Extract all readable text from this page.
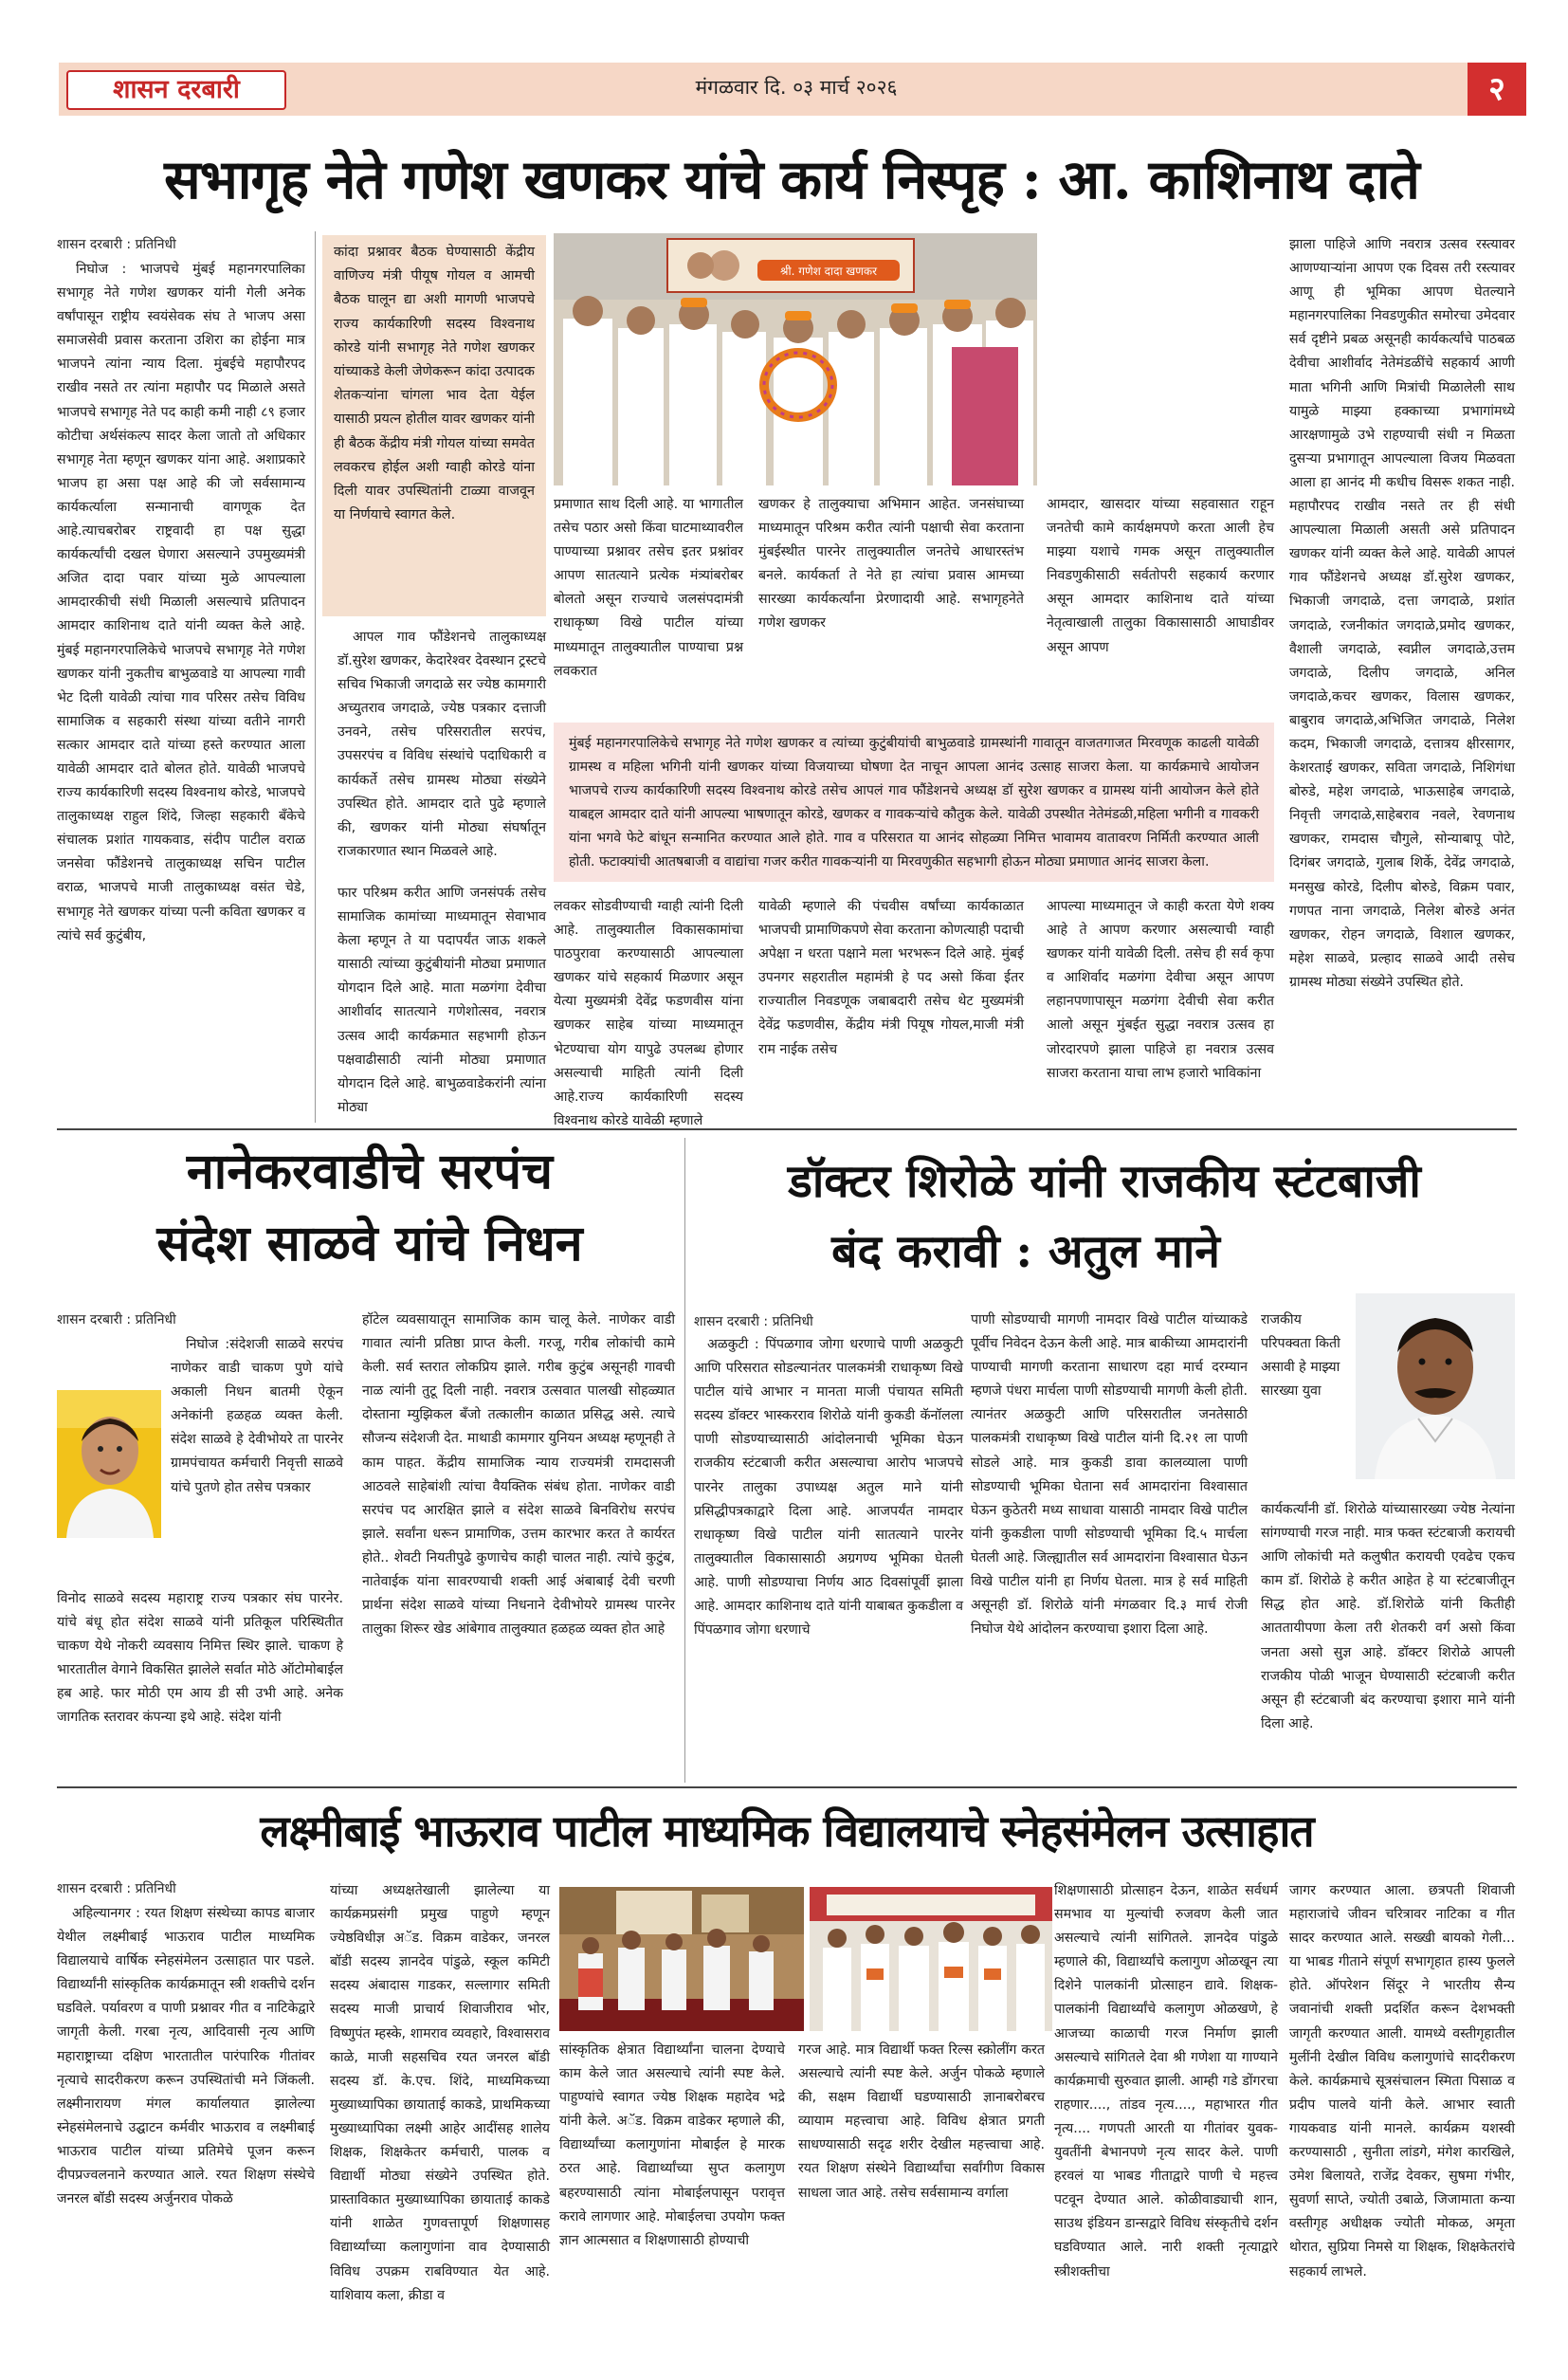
शासन दरबारी	मंगळवार दि. ०३ मार्च २०२६	२
सभागृह नेते गणेश खणकर यांचे कार्य निस्पृह : आ. काशिनाथ दाते
शासन दरबारी : प्रतिनिधी
निघोज : भाजपचे मुंबई महानगरपालिका सभागृह नेते गणेश खणकर यांनी गेली अनेक वर्षांपासून राष्ट्रीय स्वयंसेवक संघ ते भाजप असा समाजसेवी प्रवास करताना उशिरा का होईना मात्र भाजपने त्यांना न्याय दिला. मुंबईचे महापौरपद राखीव नसते तर त्यांना महापौर पद मिळाले असते भाजपचे सभागृह नेते पद काही कमी नाही ८९ हजार कोटीचा अर्थसंकल्प सादर केला जातो तो अधिकार सभागृह नेता म्हणून खणकर यांना आहे. अशाप्रकारे भाजप हा असा पक्ष आहे की जो सर्वसामान्य कार्यकर्त्याला सन्मानाची वागणूक देत आहे.त्याचबरोबर राष्ट्रवादी हा पक्ष सुद्धा कार्यकर्त्यांची दखल घेणारा असल्याने उपमुख्यमंत्री अजित दादा पवार यांच्या मुळे आपल्याला आमदारकीची संधी मिळाली असल्याचे प्रतिपादन आमदार काशिनाथ दाते यांनी व्यक्त केले आहे. मुंबई महानगरपालिकेचे भाजपचे सभागृह नेते गणेश खणकर यांनी नुकतीच बाभुळवाडे या आपल्या गावी भेट दिली यावेळी त्यांचा गाव परिसर तसेच विविध सामाजिक व सहकारी संस्था यांच्या वतीने नागरी सत्कार आमदार दाते यांच्या हस्ते करण्यात आला यावेळी आमदार दाते बोलत होते. यावेळी भाजपचे राज्य कार्यकारिणी सदस्य विश्वनाथ कोरडे, भाजपचे तालुकाध्यक्ष राहुल शिंदे, जिल्हा सहकारी बँकेचे संचालक प्रशांत गायकवाड, संदीप पाटील वराळ जनसेवा फौंडेशनचे तालुकाध्यक्ष सचिन पाटील वराळ, भाजपचे माजी तालुकाध्यक्ष वसंत चेडे, सभागृह नेते खणकर यांच्या पत्नी कविता खणकर व त्यांचे सर्व कुटुंबीय,
कांदा प्रश्नावर बैठक घेण्यासाठी केंद्रीय वाणिज्य मंत्री पीयूष गोयल व आमची बैठक घालून द्या अशी मागणी भाजपचे राज्य कार्यकारिणी सदस्य विश्वनाथ कोरडे यांनी सभागृह नेते गणेश खणकर यांच्याकडे केली जेणेकरून कांदा उत्पादक शेतकऱ्यांना चांगला भाव देता येईल यासाठी प्रयत्न होतील यावर खणकर यांनी ही बैठक केंद्रीय मंत्री गोयल यांच्या समवेत लवकरच होईल अशी ग्वाही कोरडे यांना दिली यावर उपस्थितांनी टाळ्या वाजवून या निर्णयाचे स्वागत केले.
आपल गाव फौंडेशनचे तालुकाध्यक्ष डॉ.सुरेश खणकर, केदारेश्वर देवस्थान ट्रस्टचे सचिव भिकाजी जगदाळे सर ज्येष्ठ कामगारी अच्युतराव जगदाळे, ज्येष्ठ पत्रकार दत्ताजी उनवने, तसेच परिसरातील सरपंच, उपसरपंच व विविध संस्थांचे पदाधिकारी व कार्यकर्ते तसेच ग्रामस्थ मोठ्या संख्येने उपस्थित होते. आमदार दाते पुढे म्हणाले की, खणकर यांनी मोठ्या संघर्षातून राजकारणात स्थान मिळवले आहे.
फार परिश्रम करीत आणि जनसंपर्क तसेच सामाजिक कामांच्या माध्यमातून सेवाभाव केला म्हणून ते या पदापर्यंत जाऊ शकले यासाठी त्यांच्या कुटुंबीयांनी मोठ्या प्रमाणात योगदान दिले आहे. माता मळगंगा देवीचा आशीर्वाद सातत्याने गणेशोत्सव, नवरात्र उत्सव आदी कार्यक्रमात सहभागी होऊन पक्षवाढीसाठी त्यांनी मोठ्या प्रमाणात योगदान दिले आहे. बाभुळवाडेकरांनी त्यांना मोठ्या
श्री. गणेश दादा खणकर
प्रमाणात साथ दिली आहे. या भागातील तसेच पठार असो किंवा घाटमाथ्यावरील पाण्याच्या प्रश्नावर तसेच इतर प्रश्नांवर आपण सातत्याने प्रत्येक मंत्र्यांबरोबर बोलतो असून राज्याचे जलसंपदामंत्री राधाकृष्ण विखे पाटील यांच्या माध्यमातून तालुक्यातील पाण्याचा प्रश्न लवकरात
खणकर हे तालुक्याचा अभिमान आहेत. जनसंघाच्या माध्यमातून परिश्रम करीत त्यांनी पक्षाची सेवा करताना मुंबईस्थीत पारनेर तालुक्यातील जनतेचे आधारस्तंभ बनले. कार्यकर्ता ते नेते हा त्यांचा प्रवास आमच्या सारख्या कार्यकर्त्यांना प्रेरणादायी आहे. सभागृहनेते गणेश खणकर
मुंबई महानगरपालिकेचे सभागृह नेते गणेश खणकर व त्यांच्या कुटुंबीयांची बाभुळवाडे ग्रामस्थांनी गावातून वाजतगाजत मिरवणूक काढली यावेळी ग्रामस्थ व महिला भगिनी यांनी खणकर यांच्या विजयाच्या घोषणा देत नाचून आपला आनंद उत्साह साजरा केला. या कार्यक्रमाचे आयोजन भाजपचे राज्य कार्यकारिणी सदस्य विश्वनाथ कोरडे तसेच आपलं गाव फौंडेशनचे अध्यक्ष डॉ सुरेश खणकर व ग्रामस्थ यांनी आयोजन केले होते याबद्दल आमदार दाते यांनी आपल्या भाषणातून कोरडे, खणकर व गावकऱ्यांचे कौतुक केले. यावेळी उपस्थीत नेतेमंडळी,महिला भगीनी व गावकरी यांना भगवे फेटे बांधून सन्मानित करण्यात आले होते. गाव व परिसरात या आनंद सोहळ्या निमित्त भावामय वातावरण निर्मिती करण्यात आली होती. फटाक्यांची आतषबाजी व वाद्यांचा गजर करीत गावकऱ्यांनी या मिरवणुकीत सहभागी होऊन मोठ्या प्रमाणात आनंद साजरा केला.
लवकर सोडवीण्याची ग्वाही त्यांनी दिली आहे. तालुक्यातील विकासकामांचा पाठपुरावा करण्यासाठी आपल्याला खणकर यांचे सहकार्य मिळणार असून येत्या मुख्यमंत्री देवेंद्र फडणवीस यांना खणकर साहेब यांच्या माध्यमातून भेटण्याचा योग यापुढे उपलब्ध होणार असल्याची माहिती त्यांनी दिली आहे.राज्य कार्यकारिणी सदस्य विश्वनाथ कोरडे यावेळी म्हणाले
यावेळी म्हणाले की पंचवीस वर्षांच्या कार्यकाळात भाजपची प्रामाणिकपणे सेवा करताना कोणत्याही पदाची अपेक्षा न धरता पक्षाने मला भरभरून दिले आहे. मुंबई उपनगर सहरातील महामंत्री हे पद असो किंवा ईतर राज्यातील निवडणूक जबाबदारी तसेच थेट मुख्यमंत्री देवेंद्र फडणवीस, केंद्रीय मंत्री पियूष गोयल,माजी मंत्री राम नाईक तसेच
आमदार, खासदार यांच्या सहवासात राहून जनतेची कामे कार्यक्षमपणे करता आली हेच माझ्या यशाचे गमक असून तालुक्यातील निवडणुकीसाठी सर्वतोपरी सहकार्य करणार असून आमदार काशिनाथ दाते यांच्या नेतृत्वाखाली तालुका विकासासाठी आघाडीवर असून आपण
आपल्या माध्यमातून जे काही करता येणे शक्य आहे ते आपण करणार असल्याची ग्वाही खणकर यांनी यावेळी दिली. तसेच ही सर्व कृपा व आशिर्वाद मळगंगा देवीचा असून आपण लहानपणापासून मळगंगा देवीची सेवा करीत आलो असून मुंबईत सुद्धा नवरात्र उत्सव हा जोरदारपणे झाला पाहिजे हा नवरात्र उत्सव साजरा करताना याचा लाभ हजारो भाविकांना
झाला पाहिजे आणि नवरात्र उत्सव रस्त्यावर आणण्याऱ्यांना आपण एक दिवस तरी रस्त्यावर आणू ही भूमिका आपण घेतल्याने महानगरपालिका निवडणुकीत समोरचा उमेदवार सर्व दृष्टीने प्रबळ असूनही कार्यकर्त्यांचे पाठबळ देवीचा आशीर्वाद नेतेमंडळींचे सहकार्य आणी माता भगिनी आणि मित्रांची मिळालेली साथ यामुळे माझ्या हक्काच्या प्रभागांमध्ये आरक्षणामुळे उभे राहण्याची संधी न मिळता दुसऱ्या प्रभागातून आपल्याला विजय मिळवता आला हा आनंद मी कधीच विसरू शकत नाही. महापौरपद राखीव नसते तर ही संधी आपल्याला मिळाली असती असे प्रतिपादन खणकर यांनी व्यक्त केले आहे. यावेळी आपलं गाव फौंडेशनचे अध्यक्ष डॉ.सुरेश खणकर, भिकाजी जगदाळे, दत्ता जगदाळे, प्रशांत जगदाळे, रजनीकांत जगदाळे,प्रमोद खणकर, वैशाली जगदाळे, स्वप्नील जगदाळे,उत्तम जगदाळे, दिलीप जगदाळे, अनिल जगदाळे,कचर खणकर, विलास खणकर, बाबुराव जगदाळे,अभिजित जगदाळे, निलेश कदम, भिकाजी जगदाळे, दत्तात्रय क्षीरसागर, केशरताई खणकर, सविता जगदाळे, निशिगंधा बोरुडे, महेश जगदाळे, भाऊसाहेब जगदाळे, निवृत्ती जगदाळे,साहेबराव नवले, रेवणनाथ खणकर, रामदास चौगुले, सोन्याबापू पोटे, दिगंबर जगदाळे, गुलाब शिर्के, देवेंद्र जगदाळे, मनसुख कोरडे, दिलीप बोरुडे, विक्रम पवार, गणपत नाना जगदाळे, निलेश बोरुडे अनंत खणकर, रोहन जगदाळे, विशाल खणकर, महेश साळवे, प्रल्हाद साळवे आदी तसेच ग्रामस्थ मोठ्या संख्येने उपस्थित होते.
नानेकरवाडीचे सरपंच
संदेश साळवे यांचे निधन
शासन दरबारी : प्रतिनिधी
निघोज :संदेशजी साळवे सरपंच नाणेकर वाडी चाकण पुणे यांचे अकाली निधन बातमी ऐकून अनेकांनी हळहळ व्यक्त केली. संदेश साळवे हे देवीभोयरे ता पारनेर ग्रामपंचायत कर्मचारी निवृत्ती साळवे यांचे पुतणे होत तसेच पत्रकार
विनोद साळवे सदस्य महाराष्ट्र राज्य पत्रकार संघ पारनेर. यांचे बंधू होत संदेश साळवे यांनी प्रतिकूल परिस्थितीत चाकण येथे नोकरी व्यवसाय निमित्त स्थिर झाले. चाकण हे भारतातील वेगाने विकसित झालेले सर्वात मोठे ऑटोमोबाईल हब आहे. फार मोठी एम आय डी सी उभी आहे. अनेक जागतिक स्तरावर कंपन्या इथे आहे. संदेश यांनी
हॉटेल व्यवसायातून सामाजिक काम चालू केले. नाणेकर वाडी गावात त्यांनी प्रतिष्ठा प्राप्त केली. गरजू, गरीब लोकांची कामे केली. सर्व स्तरात लोकप्रिय झाले. गरीब कुटुंब असूनही गावची नाळ त्यांनी तुटू दिली नाही. नवरात्र उत्सवात पालखी सोहळ्यात दोस्ताना म्युझिकल बँजो तत्कालीन काळात प्रसिद्ध असे. त्याचे सौजन्य संदेशजी देत. माथाडी कामगार युनियन अध्यक्ष म्हणूनही ते काम पाहत. केंद्रीय सामाजिक न्याय राज्यमंत्री रामदासजी आठवले साहेबांशी त्यांचा वैयक्तिक संबंध होता. नाणेकर वाडी सरपंच पद आरक्षित झाले व संदेश साळवे बिनविरोध सरपंच झाले. सर्वांना धरून प्रामाणिक, उत्तम कारभार करत ते कार्यरत होते.. शेवटी नियतीपुढे कुणाचेच काही चालत नाही. त्यांचे कुटुंब, नातेवाईक यांना सावरण्याची शक्ती आई अंबाबाई देवी चरणी प्रार्थना संदेश साळवे यांच्या निधनाने देवीभोयरे ग्रामस्थ पारनेर तालुका शिरूर खेड आंबेगाव तालुक्यात हळहळ व्यक्त होत आहे
डॉक्टर शिरोळे यांनी राजकीय स्टंटबाजी
बंद करावी : अतुल माने
शासन दरबारी : प्रतिनिधी
अळकुटी : पिंपळगाव जोगा धरणाचे पाणी अळकुटी आणि परिसरात सोडल्यानंतर पालकमंत्री राधाकृष्ण विखे पाटील यांचे आभार न मानता माजी पंचायत समिती सदस्य डॉक्टर भास्करराव शिरोळे यांनी कुकडी कॅनॉलला पाणी सोडण्याच्यासाठी आंदोलनाची भूमिका घेऊन राजकीय स्टंटबाजी करीत असल्याचा आरोप भाजपचे पारनेर तालुका उपाध्यक्ष अतुल माने यांनी प्रसिद्धीपत्रकाद्वारे दिला आहे. आजपर्यंत नामदार राधाकृष्ण विखे पाटील यांनी सातत्याने पारनेर तालुक्यातील विकासासाठी अग्रगण्य भूमिका घेतली आहे. पाणी सोडण्याचा निर्णय आठ दिवसांपूर्वी झाला आहे. आमदार काशिनाथ दाते यांनी याबाबत कुकडीला व पिंपळगाव जोगा धरणाचे
पाणी सोडण्याची मागणी नामदार विखे पाटील यांच्याकडे पूर्वीच निवेदन देऊन केली आहे. मात्र बाकीच्या आमदारांनी पाण्याची मागणी करताना साधारण दहा मार्च दरम्यान म्हणजे पंधरा मार्चला पाणी सोडण्याची मागणी केली होती. त्यानंतर अळकुटी आणि परिसरातील जनतेसाठी पालकमंत्री राधाकृष्ण विखे पाटील यांनी दि.२१ ला पाणी सोडले आहे. मात्र कुकडी डावा कालव्याला पाणी सोडण्याची भूमिका घेताना सर्व आमदारांना विश्वासात घेऊन कुठेतरी मध्य साधावा यासाठी नामदार विखे पाटील यांनी कुकडीला पाणी सोडण्याची भूमिका दि.५ मार्चला घेतली आहे. जिल्ह्यातील सर्व आमदारांना विश्वासात घेऊन विखे पाटील यांनी हा निर्णय घेतला. मात्र हे सर्व माहिती असूनही डॉ. शिरोळे यांनी मंगळवार दि.३ मार्च रोजी निघोज येथे आंदोलन करण्याचा इशारा दिला आहे.
राजकीय परिपक्वता किती असावी हे माझ्या सारख्या युवा
कार्यकर्त्यांनी डॉ. शिरोळे यांच्यासारख्या ज्येष्ठ नेत्यांना सांगण्याची गरज नाही. मात्र फक्त स्टंटबाजी करायची आणि लोकांची मते कलुषीत करायची एवढेच एकच काम डॉ. शिरोळे हे करीत आहेत हे या स्टंटबाजीतून सिद्ध होत आहे. डॉ.शिरोळे यांनी कितीही आततायीपणा केला तरी शेतकरी वर्ग असो किंवा जनता असो सुज्ञ आहे. डॉक्टर शिरोळे आपली राजकीय पोळी भाजून घेण्यासाठी स्टंटबाजी करीत असून ही स्टंटबाजी बंद करण्याचा इशारा माने यांनी दिला आहे.
लक्ष्मीबाई भाऊराव पाटील माध्यमिक विद्यालयाचे स्नेहसंमेलन उत्साहात
शासन दरबारी : प्रतिनिधी
अहिल्यानगर : रयत शिक्षण संस्थेच्या कापड बाजार येथील लक्ष्मीबाई भाऊराव पाटील माध्यमिक विद्यालयाचे वार्षिक स्नेहसंमेलन उत्साहात पार पडले. विद्यार्थ्यांनी सांस्कृतिक कार्यक्रमातून स्त्री शक्तीचे दर्शन घडविले. पर्यावरण व पाणी प्रश्नावर गीत व नाटिकेद्वारे जागृती केली. गरबा नृत्य, आदिवासी नृत्य आणि महाराष्ट्राच्या दक्षिण भारतातील पारंपारिक गीतांवर नृत्याचे सादरीकरण करून उपस्थितांची मने जिंकली. लक्ष्मीनारायण मंगल कार्यालयात झालेल्या स्नेहसंमेलनाचे उद्घाटन कर्मवीर भाऊराव व लक्ष्मीबाई भाऊराव पाटील यांच्या प्रतिमेचे पूजन करून दीपप्रज्वलनाने करण्यात आले. रयत शिक्षण संस्थेचे जनरल बॉडी सदस्य अर्जुनराव पोकळे
यांच्या अध्यक्षतेखाली झालेल्या या कार्यक्रमप्रसंगी प्रमुख पाहुणे म्हणून ज्येष्ठविधीज्ञ अॅड. विक्रम वाडेकर, जनरल बॉडी सदस्य ज्ञानदेव पांडुळे, स्कूल कमिटी सदस्य अंबादास गाडकर, सल्लागार समिती सदस्य माजी प्राचार्य शिवाजीराव भोर, विष्णुपंत म्हस्के, शामराव व्यवहारे, विश्वासराव काळे, माजी सहसचिव रयत जनरल बॉडी सदस्य डॉ. के.एच. शिंदे, माध्यमिकच्या मुख्याध्यापिका छायाताई काकडे, प्राथमिकच्या मुख्याध्यापिका लक्ष्मी आहेर आदींसह शालेय शिक्षक, शिक्षकेतर कर्मचारी, पालक व विद्यार्थी मोठ्या संख्येने उपस्थित होते. प्रास्ताविकात मुख्याध्यापिका छायाताई काकडे यांनी शाळेत गुणवत्तापूर्ण शिक्षणासह विद्यार्थ्यांच्या कलागुणांना वाव देण्यासाठी विविध उपक्रम राबविण्यात येत आहे. याशिवाय कला, क्रीडा व
सांस्कृतिक क्षेत्रात विद्यार्थ्यांना चालना देण्याचे काम केले जात असल्याचे त्यांनी स्पष्ट केले. पाहुण्यांचे स्वागत ज्येष्ठ शिक्षक महादेव भद्रे यांनी केले. अॅड. विक्रम वाडेकर म्हणाले की, विद्यार्थ्यांच्या कलागुणांना मोबाईल हे मारक ठरत आहे. विद्यार्थ्यांच्या सुप्त कलागुण बहरण्यासाठी त्यांना मोबाईलपासून परावृत्त करावे लागणार आहे. मोबाईलचा उपयोग फक्त ज्ञान आत्मसात व शिक्षणासाठी होण्याची
गरज आहे. मात्र विद्यार्थी फक्त रिल्स स्क्रोलींग करत असल्याचे त्यांनी स्पष्ट केले. अर्जुन पोकळे म्हणाले की, सक्षम विद्यार्थी घडण्यासाठी ज्ञानाबरोबरच व्यायाम महत्त्वाचा आहे. विविध क्षेत्रात प्रगती साधण्यासाठी सदृढ शरीर देखील महत्त्वाचा आहे. रयत शिक्षण संस्थेने विद्यार्थ्यांचा सर्वांगीण विकास साधला जात आहे. तसेच सर्वसामान्य वर्गाला
शिक्षणासाठी प्रोत्साहन देऊन, शाळेत सर्वधर्म समभाव या मुल्यांची रुजवण केली जात असल्याचे त्यांनी सांगितले. ज्ञानदेव पांडुळे म्हणाले की, विद्यार्थ्यांचे कलागुण ओळखून त्या दिशेने पालकांनी प्रोत्साहन द्यावे. शिक्षक-पालकांनी विद्यार्थ्यांचे कलागुण ओळखणे, हे आजच्या काळाची गरज निर्माण झाली असल्याचे सांगितले देवा श्री गणेशा या गाण्याने कार्यक्रमाची सुरुवात झाली. आम्ही गडे डोंगरचा राहणार...., तांडव नृत्य...., महाभारत गीत नृत्य.... गणपती आरती या गीतांवर युवक-युवतींनी बेभानपणे नृत्य सादर केले. पाणी हरवलं या भाबड गीताद्वारे पाणी चे महत्त्व पटवून देण्यात आले. कोळीवाड्याची शान, साउथ इंडियन डान्सद्वारे विविध संस्कृतीचे दर्शन घडविण्यात आले. नारी शक्ती नृत्याद्वारे स्त्रीशक्तीचा
जागर करण्यात आला. छत्रपती शिवाजी महाराजांचे जीवन चरित्रावर नाटिका व गीत सादर करण्यात आले. सख्खी बायको गेली... या भाबड गीताने संपूर्ण सभागृहात हास्य फुलले होते. ऑपरेशन सिंदूर ने भारतीय सैन्य जवानांची शक्ती प्रदर्शित करून देशभक्ती जागृती करण्यात आली. यामध्ये वस्तीगृहातील मुलींनी देखील विविध कलागुणांचे सादरीकरण केले. कार्यक्रमाचे सूत्रसंचालन स्मिता पिसाळ व प्रदीप पालवे यांनी केले. आभार स्वाती गायकवाड यांनी मानले. कार्यक्रम यशस्वी करण्यासाठी , सुनीता लांडगे, मंगेश कारखिले, उमेश बिलायते, राजेंद्र देवकर, सुषमा गंभीर, सुवर्णा साप्ते, ज्योती उबाळे, जिजामाता कन्या वस्तीगृह अधीक्षक ज्योती मोकळ, अमृता थोरात, सुप्रिया निमसे या शिक्षक, शिक्षकेतरांचे सहकार्य लाभले.
